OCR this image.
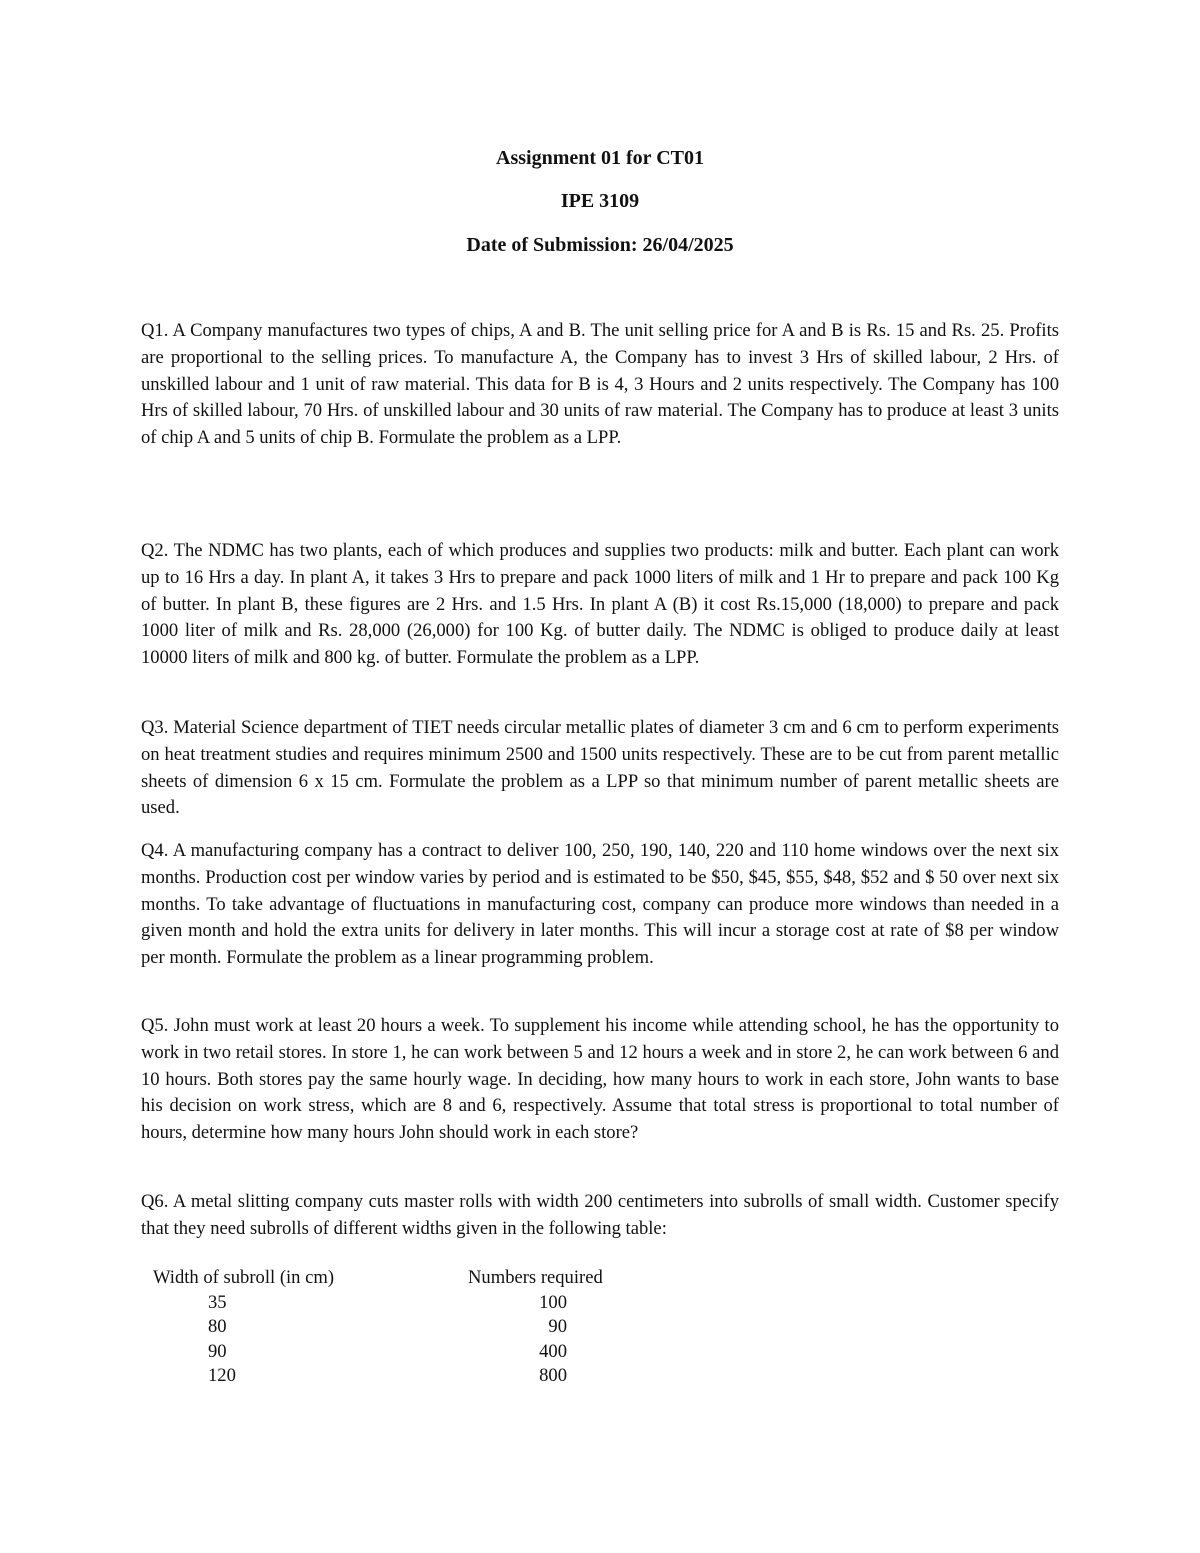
Assignment 01 for CT01
IPE 3109
Date of Submission: 26/04/2025

Q1. A Company manufactures two types of chips, A and B. The unit selling price for A and B is Rs. 15 and Rs. 25. Profits are proportional to the selling prices. To manufacture A, the Company has to invest 3 Hrs of skilled labour, 2 Hrs. of unskilled labour and 1 unit of raw material. This data for B is 4, 3 Hours and 2 units respectively. The Company has 100 Hrs of skilled labour, 70 Hrs. of unskilled labour and 30 units of raw material. The Company has to produce at least 3 units of chip A and 5 units of chip B. Formulate the problem as a LPP.

Q2. The NDMC has two plants, each of which produces and supplies two products: milk and butter. Each plant can work up to 16 Hrs a day. In plant A, it takes 3 Hrs to prepare and pack 1000 liters of milk and 1 Hr to prepare and pack 100 Kg of butter. In plant B, these figures are 2 Hrs. and 1.5 Hrs. In plant A (B) it cost Rs.15,000 (18,000) to prepare and pack 1000 liter of milk and Rs. 28,000 (26,000) for 100 Kg. of butter daily. The NDMC is obliged to produce daily at least 10000 liters of milk and 800 kg. of butter. Formulate the problem as a LPP.

Q3. Material Science department of TIET needs circular metallic plates of diameter 3 cm and 6 cm to perform experiments on heat treatment studies and requires minimum 2500 and 1500 units respectively. These are to be cut from parent metallic sheets of dimension 6 x 15 cm. Formulate the problem as a LPP so that minimum number of parent metallic sheets are used.

Q4. A manufacturing company has a contract to deliver 100, 250, 190, 140, 220 and 110 home windows over the next six months. Production cost per window varies by period and is estimated to be $50, $45, $55, $48, $52 and $ 50 over next six months. To take advantage of fluctuations in manufacturing cost, company can produce more windows than needed in a given month and hold the extra units for delivery in later months. This will incur a storage cost at rate of $8 per window per month. Formulate the problem as a linear programming problem.

Q5. John must work at least 20 hours a week. To supplement his income while attending school, he has the opportunity to work in two retail stores. In store 1, he can work between 5 and 12 hours a week and in store 2, he can work between 6 and 10 hours. Both stores pay the same hourly wage. In deciding, how many hours to work in each store, John wants to base his decision on work stress, which are 8 and 6, respectively. Assume that total stress is proportional to total number of hours, determine how many hours John should work in each store?

Q6. A metal slitting company cuts master rolls with width 200 centimeters into subrolls of small width. Customer specify that they need subrolls of different widths given in the following table:

Width of subroll (in cm)	Numbers required
35	100
80	90
90	400
120	800
